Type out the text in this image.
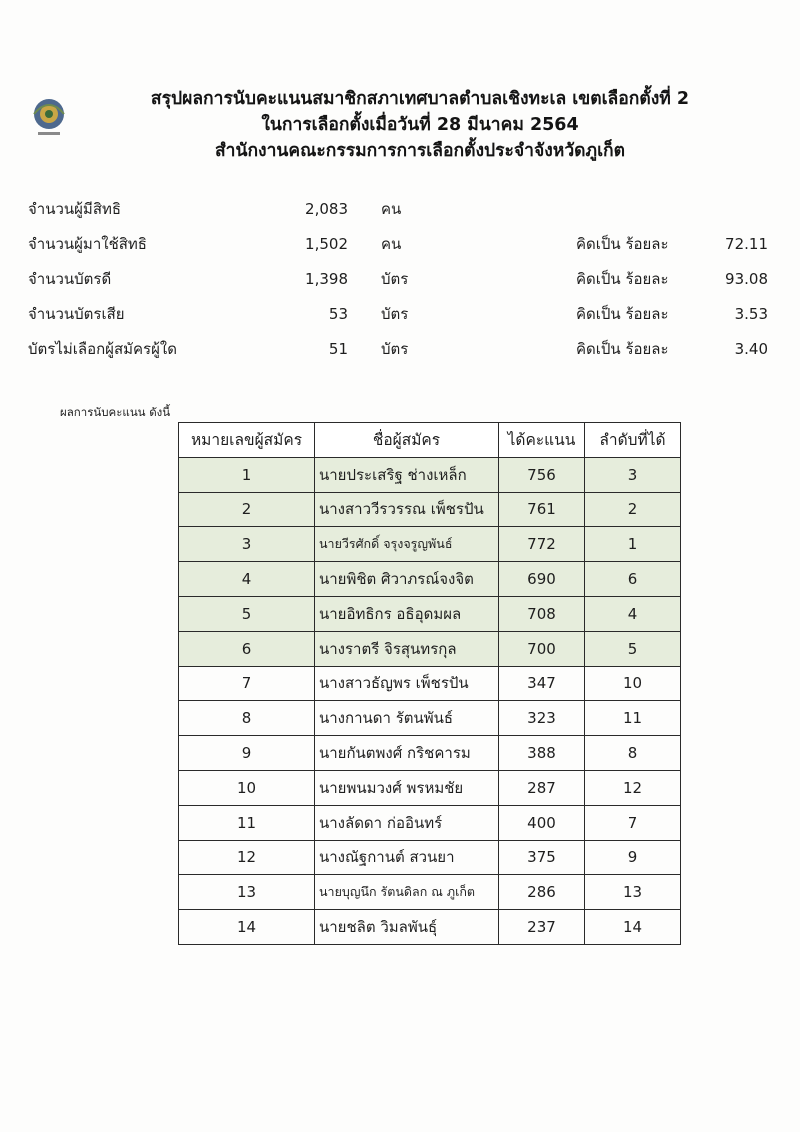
สรุปผลการนับคะแนนสมาชิกสภาเทศบาลตำบลเชิงทะเล เขตเลือกตั้งที่ 2
ในการเลือกตั้งเมื่อวันที่ 28 มีนาคม 2564
สำนักงานคณะกรรมการการเลือกตั้งประจำจังหวัดภูเก็ต
จำนวนผู้มีสิทธิ	2,083 คน
จำนวนผู้มาใช้สิทธิ	1,502 คน	คิดเป็น ร้อยละ	72.11
จำนวนบัตรดี	1,398 บัตร	คิดเป็น ร้อยละ	93.08
จำนวนบัตรเสีย	53 บัตร	คิดเป็น ร้อยละ	3.53
บัตรไม่เลือกผู้สมัครผู้ใด	51 บัตร	คิดเป็น ร้อยละ	3.40
ผลการนับคะแนน ดังนี้
หมายเลขผู้สมัคร	ชื่อผู้สมัคร	ได้คะแนน	ลำดับที่ได้
1	นายประเสริฐ ช่างเหล็ก	756	3
2	นางสาววีรวรรณ เพ็ชรปัน	761	2
3	นายวีรศักดิ์ จรุงจรูญพันธ์	772	1
4	นายพิชิต ศิวาภรณ์จงจิต	690	6
5	นายอิทธิกร อธิอุดมผล	708	4
6	นางราตรี จิรสุนทรกุล	700	5
7	นางสาวธัญพร เพ็ชรปัน	347	10
8	นางกานดา รัตนพันธ์	323	11
9	นายกันตพงศ์ กริชคารม	388	8
10	นายพนมวงศ์ พรหมชัย	287	12
11	นางลัดดา ก่ออินทร์	400	7
12	นางณัฐกานต์ สวนยา	375	9
13	นายบุญนึก รัตนดิลก ณ ภูเก็ต	286	13
14	นายชลิต วิมลพันธุ์	237	14
